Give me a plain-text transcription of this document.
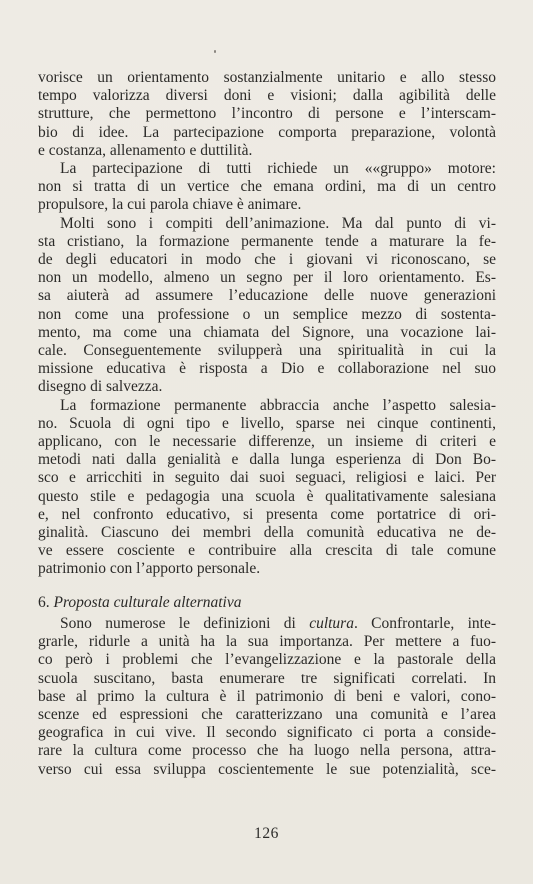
vorisce un orientamento sostanzialmente unitario e allo stesso
tempo valorizza diversi doni e visioni; dalla agibilità delle
strutture, che permettono l’incontro di persone e l’interscam-
bio di idee. La partecipazione comporta preparazione, volontà
e costanza, allenamento e duttilità.

La partecipazione di tutti richiede un ««gruppo» motore:
non si tratta di un vertice che emana ordini, ma di un centro
propulsore, la cui parola chiave è animare.

Molti sono i compiti dell’animazione. Ma dal punto di vi-
sta cristiano, la formazione permanente tende a maturare la fe-
de degli educatori in modo che i giovani vi riconoscano, se
non un modello, almeno un segno per il loro orientamento. Es-
sa aiuterà ad assumere l’educazione delle nuove generazioni
non come una professione o un semplice mezzo di sostenta-
mento, ma come una chiamata del Signore, una vocazione lai-
cale. Conseguentemente svilupperà una spiritualità in cui la
missione educativa è risposta a Dio e collaborazione nel suo
disegno di salvezza.

La formazione permanente abbraccia anche l’aspetto salesia-
no. Scuola di ogni tipo e livello, sparse nei cinque continenti,
applicano, con le necessarie differenze, un insieme di criteri e
metodi nati dalla genialità e dalla lunga esperienza di Don Bo-
sco e arricchiti in seguito dai suoi seguaci, religiosi e laici. Per
questo stile e pedagogia una scuola è qualitativamente salesiana
e, nel confronto educativo, si presenta come portatrice di ori-
ginalità. Ciascuno dei membri della comunità educativa ne de-
ve essere cosciente e contribuire alla crescita di tale comune
patrimonio con l’apporto personale.

6. Proposta culturale alternativa

Sono numerose le definizioni di cultura. Confrontarle, inte-
grarle, ridurle a unità ha la sua importanza. Per mettere a fuo-
co però i problemi che l’evangelizzazione e la pastorale della
scuola suscitano, basta enumerare tre significati correlati. In
base al primo la cultura è il patrimonio di beni e valori, cono-
scenze ed espressioni che caratterizzano una comunità e l’area
geografica in cui vive. Il secondo significato ci porta a conside-
rare la cultura come processo che ha luogo nella persona, attra-
verso cui essa sviluppa coscientemente le sue potenzialità, sce-

126
